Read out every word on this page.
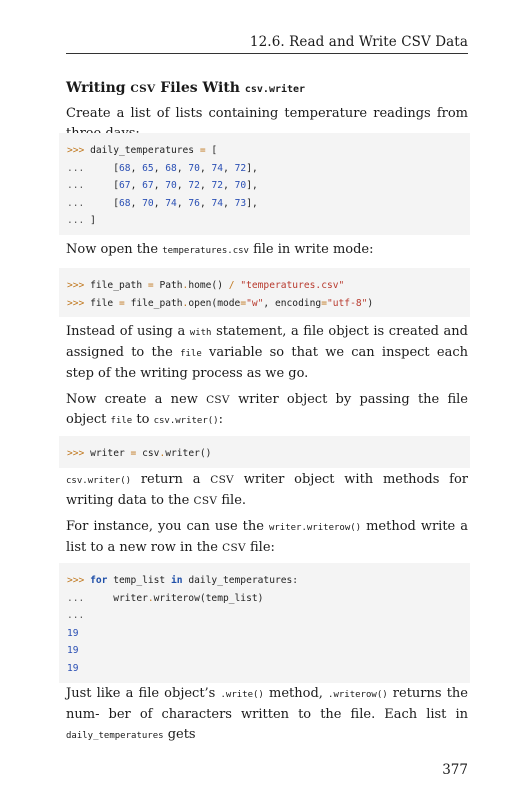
12.6. Read and Write CSV Data
Writing CSV Files With csv.writer
Create a list of lists containing temperature readings from
>>> daily_temperatures = [
...	[68, 65, 68, 70, 74, 72],
...	[67, 67, 70, 72, 72, 70],
...	[68, 70, 74, 76, 74, 73],
... ]
Now open the temperatures.csv file in write mode:
>>> file_path = Path.home() / "temperatures.csv"
>>> file = file_path.open(mode="w", encoding="utf-8")
Instead of using a with statement, a file object is created and assigned to the file variable so that we can inspect each step of the writing process as we go.
Now create a new CSV writer object by passing the file object file to csv.writer():
>>> writer = csv.writer()
csv.writer() return a CSV writer object with methods for writing data to the CSV file.
For instance, you can use the writer.writerow() method write a list to a new row in the CSV file:
>>> for temp_list in daily_temperatures:
...	writer.writerow(temp_list)
...
19
19
19
Just like a file object’s .write() method, .writerow() returns the num- ber of characters written to the file. Each list in daily_temperatures gets
377
